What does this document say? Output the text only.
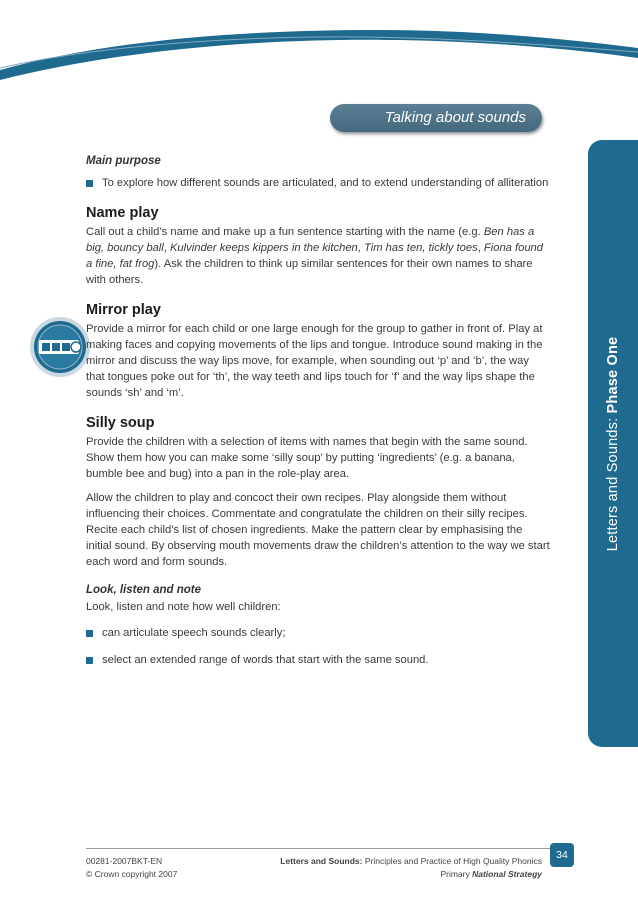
Letters and Sounds: Phase One
Talking about sounds

Main purpose

To explore how different sounds are articulated, and to extend understanding of alliteration
Name play

Call out a child’s name and make up a fun sentence starting with the name (e.g. Ben has a big, bouncy ball, Kulvinder keeps kippers in the kitchen, Tim has ten, tickly toes, Fiona found a fine, fat frog). Ask the children to think up similar sentences for their own names to share with others.

Mirror play

Provide a mirror for each child or one large enough for the group to gather in front of. Play at making faces and copying movements of the lips and tongue. Introduce sound making in the mirror and discuss the way lips move, for example, when sounding out ‘p’ and ‘b’, the way that tongues poke out for ‘th’, the way teeth and lips touch for ‘f’ and the way lips shape the sounds ‘sh’ and ‘m’.

Silly soup

Provide the children with a selection of items with names that begin with the same sound. Show them how you can make some ‘silly soup’ by putting ‘ingredients’ (e.g. a banana, bumble bee and bug) into a pan in the role-play area.

Allow the children to play and concoct their own recipes. Play alongside them without influencing their choices. Commentate and congratulate the children on their silly recipes. Recite each child’s list of chosen ingredients. Make the pattern clear by emphasising the initial sound. By observing mouth movements draw the children’s attention to the way we start each word and form sounds.

Look, listen and note

Look, listen and note how well children:

can articulate speech sounds clearly;
select an extended range of words that start with the same sound.
00281-2007BKT-EN
© Crown copyright 2007
Letters and Sounds: Principles and Practice of High Quality Phonics
Primary National Strategy
34
